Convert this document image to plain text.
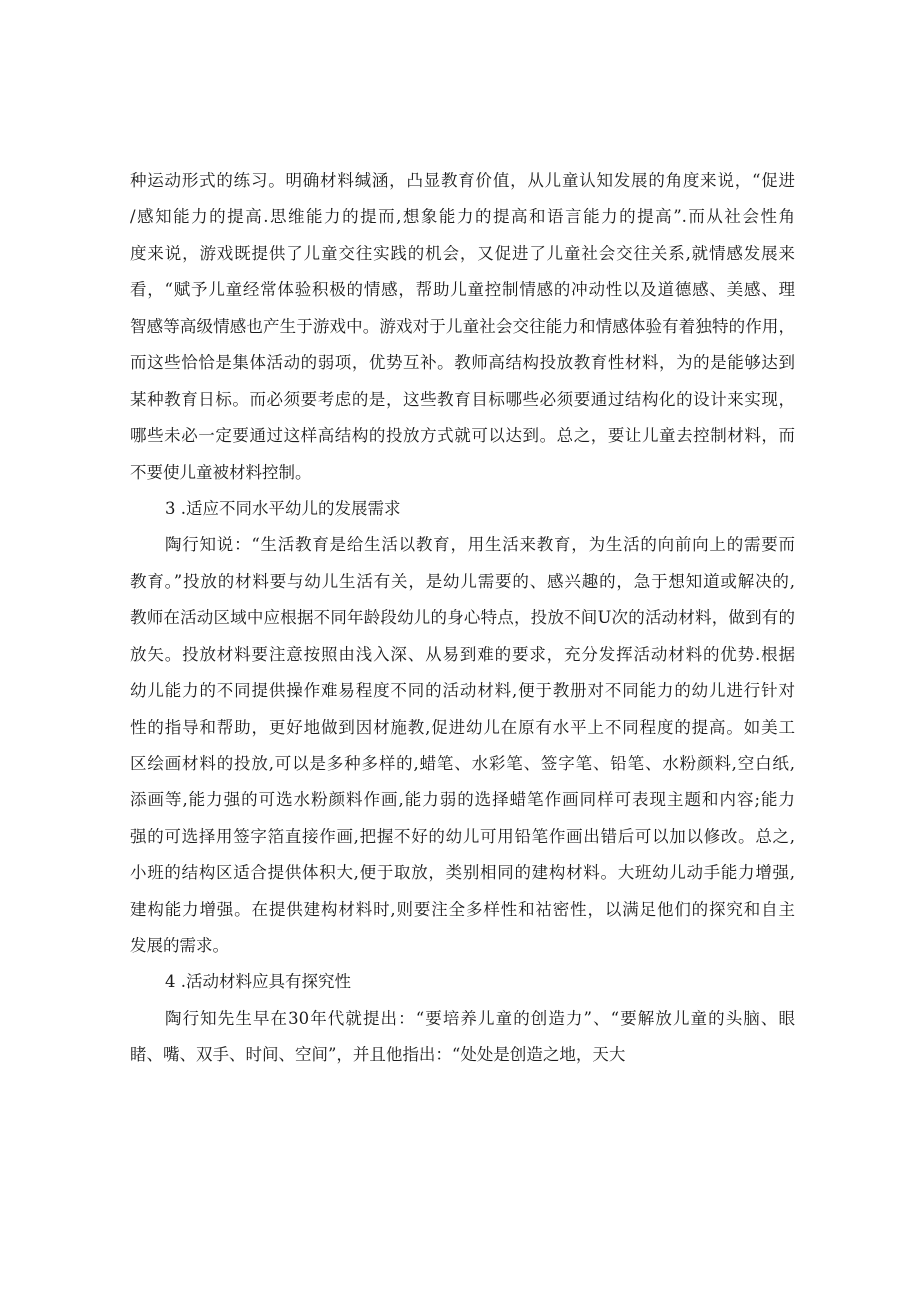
种运动形式的练习。明确材料缄涵，凸显教育价值，从儿童认知发展的角度来说，“促进
/感知能力的提高.思维能力的提而,想象能力的提高和语言能力的提高”.而从社会性角
度来说，游戏既提供了儿童交往实践的机会，又促进了儿童社会交往关系,就情感发展来
看，“赋予儿童经常体验积极的情感，帮助儿童控制情感的冲动性以及道德感、美感、理
智感等高级情感也产生于游戏中。游戏对于儿童社会交往能力和情感体验有着独特的作用，
而这些恰恰是集体活动的弱项，优势互补。教师高结构投放教育性材料，为的是能够达到
某种教育日标。而必须要考虑的是，这些教育目标哪些必须要通过结构化的设计来实现，
哪些未必一定要通过这样高结构的投放方式就可以达到。总之，要让儿童去控制材料，而
不要使儿童被材料控制。
3 .适应不同水平幼儿的发展需求
陶行知说：“生活教育是给生活以教育，用生活来教育，为生活的向前向上的需要而
教育。”投放的材料要与幼儿生活有关，是幼儿需要的、感兴趣的，急于想知道或解决的,
教师在活动区域中应根据不同年龄段幼儿的身心特点，投放不间U次的活动材料，做到有的
放矢。投放材料要注意按照由浅入深、从易到难的要求，充分发挥活动材料的优势.根据
幼儿能力的不同提供操作难易程度不同的活动材料,便于教册对不同能力的幼儿进行针对
性的指导和帮助，更好地做到因材施教,促进幼儿在原有水平上不同程度的提高。如美工
区绘画材料的投放,可以是多种多样的,蜡笔、水彩笔、签字笔、铅笔、水粉颜料,空白纸,
添画等,能力强的可选水粉颜料作画,能力弱的选择蜡笔作画同样可表现主题和内容;能力
强的可选择用签字箔直接作画,把握不好的幼儿可用铅笔作画出错后可以加以修改。总之,
小班的结构区适合提供体积大,便于取放，类别相同的建构材料。大班幼儿动手能力增强,
建构能力增强。在提供建构材料时,则要注全多样性和祜密性，以满足他们的探究和自主
发展的需求。
4 .活动材料应具有探究性
陶行知先生早在30年代就提出：“要培养儿童的创造力”、“要解放儿童的头脑、眼
睹、嘴、双手、时间、空间”，并且他指出：“处处是创造之地，天大
